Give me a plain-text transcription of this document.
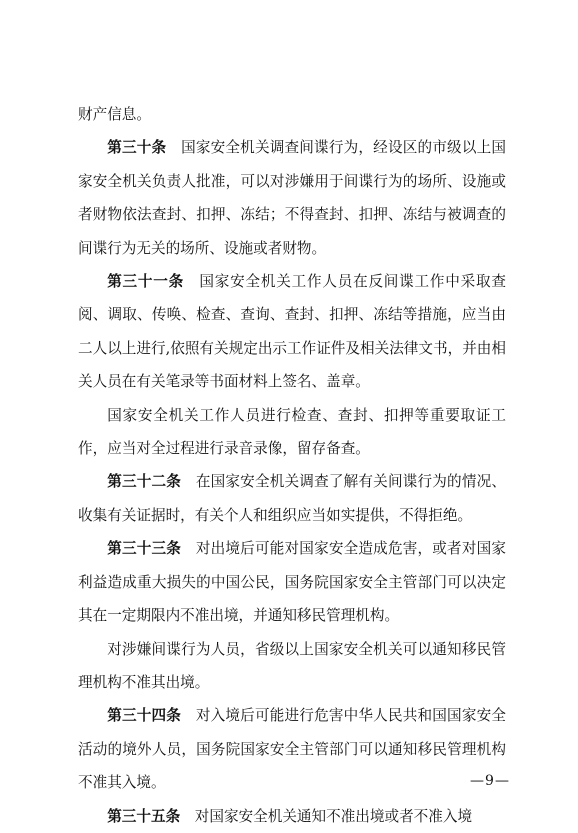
财产信息。

第三十条　国家安全机关调查间谍行为，经设区的市级以上国家安全机关负责人批准，可以对涉嫌用于间谍行为的场所、设施或者财物依法查封、扣押、冻结；不得查封、扣押、冻结与被调查的间谍行为无关的场所、设施或者财物。

第三十一条　国家安全机关工作人员在反间谍工作中采取查阅、调取、传唤、检查、查询、查封、扣押、冻结等措施，应当由二人以上进行,依照有关规定出示工作证件及相关法律文书，并由相关人员在有关笔录等书面材料上签名、盖章。

国家安全机关工作人员进行检查、查封、扣押等重要取证工作，应当对全过程进行录音录像，留存备查。

第三十二条　在国家安全机关调查了解有关间谍行为的情况、收集有关证据时，有关个人和组织应当如实提供，不得拒绝。

第三十三条　对出境后可能对国家安全造成危害，或者对国家利益造成重大损失的中国公民，国务院国家安全主管部门可以决定其在一定期限内不准出境，并通知移民管理机构。

对涉嫌间谍行为人员，省级以上国家安全机关可以通知移民管理机构不准其出境。

第三十四条　对入境后可能进行危害中华人民共和国国家安全活动的境外人员，国务院国家安全主管部门可以通知移民管理机构不准其入境。

第三十五条　对国家安全机关通知不准出境或者不准入境

—9—
